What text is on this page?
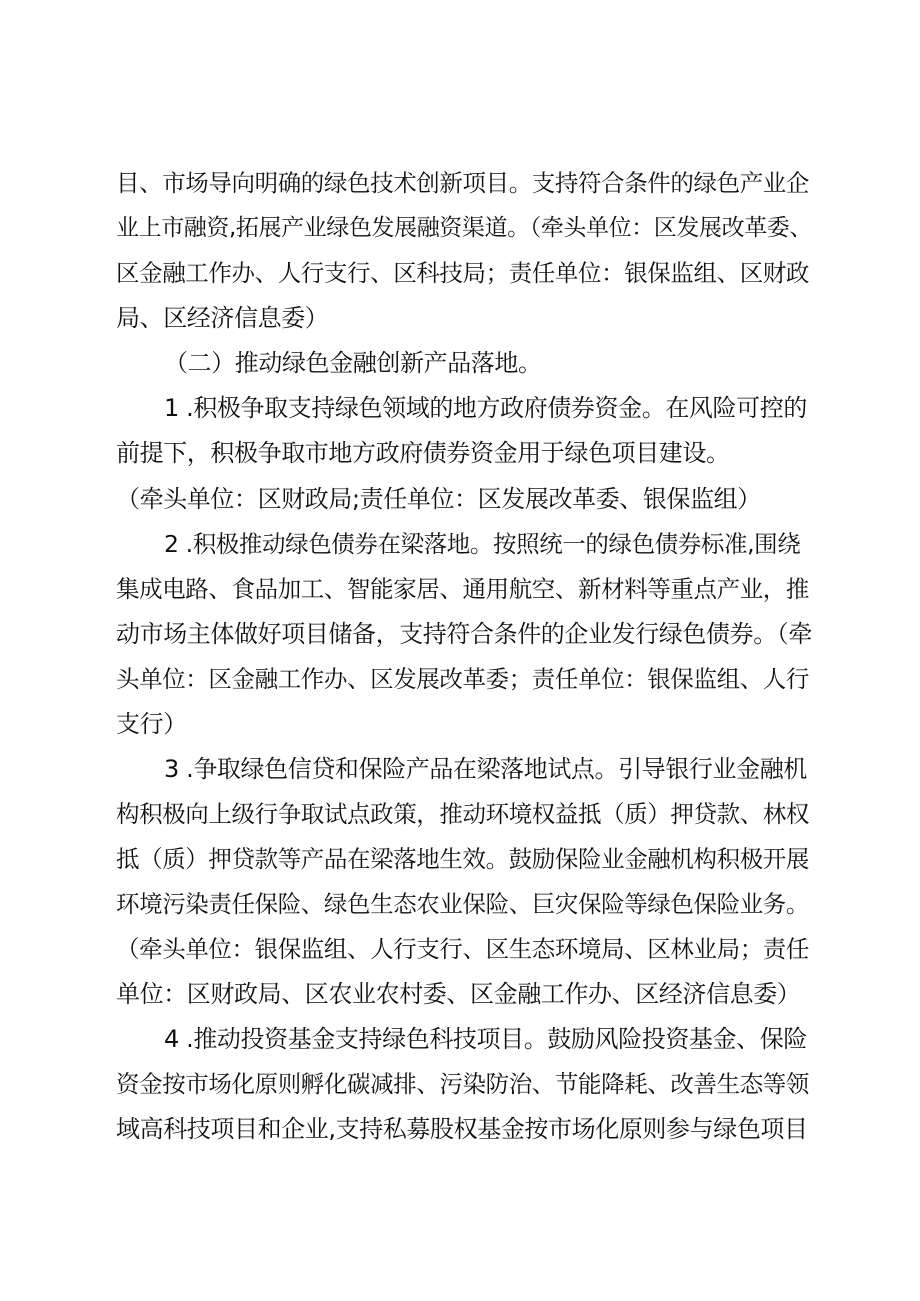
目、市场导向明确的绿色技术创新项目。支持符合条件的绿色产业企
业上市融资,拓展产业绿色发展融资渠道。（牵头单位：区发展改革委、
区金融工作办、人行支行、区科技局；责任单位：银保监组、区财政
局、区经济信息委）
（二）推动绿色金融创新产品落地。
1 .积极争取支持绿色领域的地方政府债券资金。在风险可控的
前提下，积极争取市地方政府债券资金用于绿色项目建设。
（牵头单位：区财政局;责任单位：区发展改革委、银保监组）
2 .积极推动绿色债券在梁落地。按照统一的绿色债券标准,围绕
集成电路、食品加工、智能家居、通用航空、新材料等重点产业，推
动市场主体做好项目储备，支持符合条件的企业发行绿色债券。（牵
头单位：区金融工作办、区发展改革委；责任单位：银保监组、人行
支行）
3 .争取绿色信贷和保险产品在梁落地试点。引导银行业金融机
构积极向上级行争取试点政策，推动环境权益抵（质）押贷款、林权
抵（质）押贷款等产品在梁落地生效。鼓励保险业金融机构积极开展
环境污染责任保险、绿色生态农业保险、巨灾保险等绿色保险业务。
（牵头单位：银保监组、人行支行、区生态环境局、区林业局；责任
单位：区财政局、区农业农村委、区金融工作办、区经济信息委）
4 .推动投资基金支持绿色科技项目。鼓励风险投资基金、保险
资金按市场化原则孵化碳减排、污染防治、节能降耗、改善生态等领
域高科技项目和企业,支持私募股权基金按市场化原则参与绿色项目
